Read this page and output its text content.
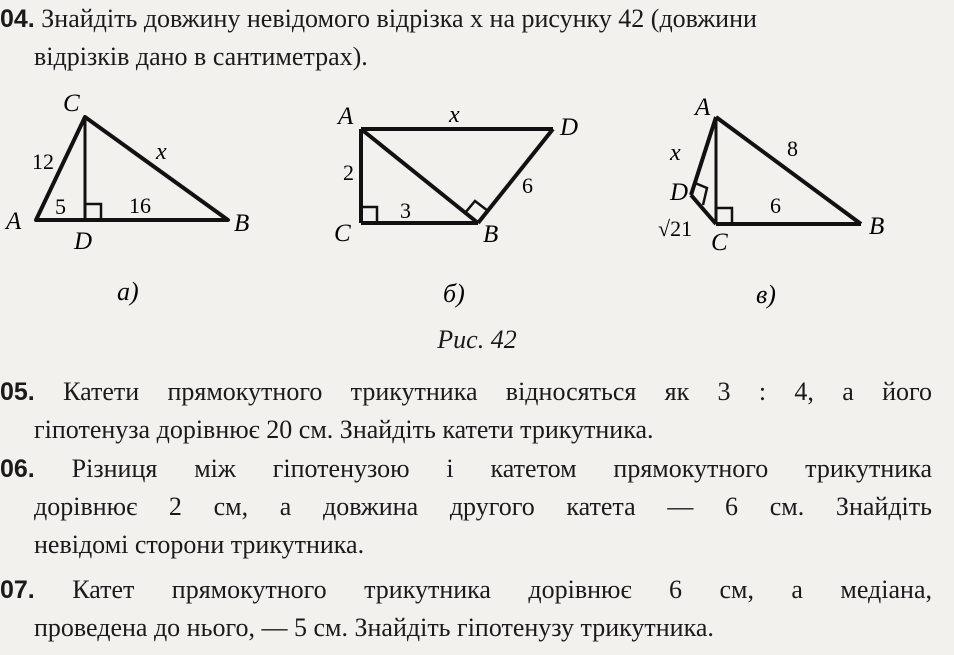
04. Знайдіть довжину невідомого відрізка x на рисунку 42 (довжини
відрізків дано в сантиметрах).
C
A	B
D
12	x
5	16
а)
A	D
C	B
x
2
3
6
б)
A
D
C
B
x	8
6
√21
в)
Рис. 42
05. Катети прямокутного трикутника відносяться як 3 : 4, а його
гіпотенуза дорівнює 20 см. Знайдіть катети трикутника.
06. Різниця між гіпотенузою і катетом прямокутного трикутника
дорівнює 2 см, а довжина другого катета — 6 см. Знайдіть
невідомі сторони трикутника.
07. Катет прямокутного трикутника дорівнює 6 см, а медіана,
проведена до нього, — 5 см. Знайдіть гіпотенузу трикутника.
